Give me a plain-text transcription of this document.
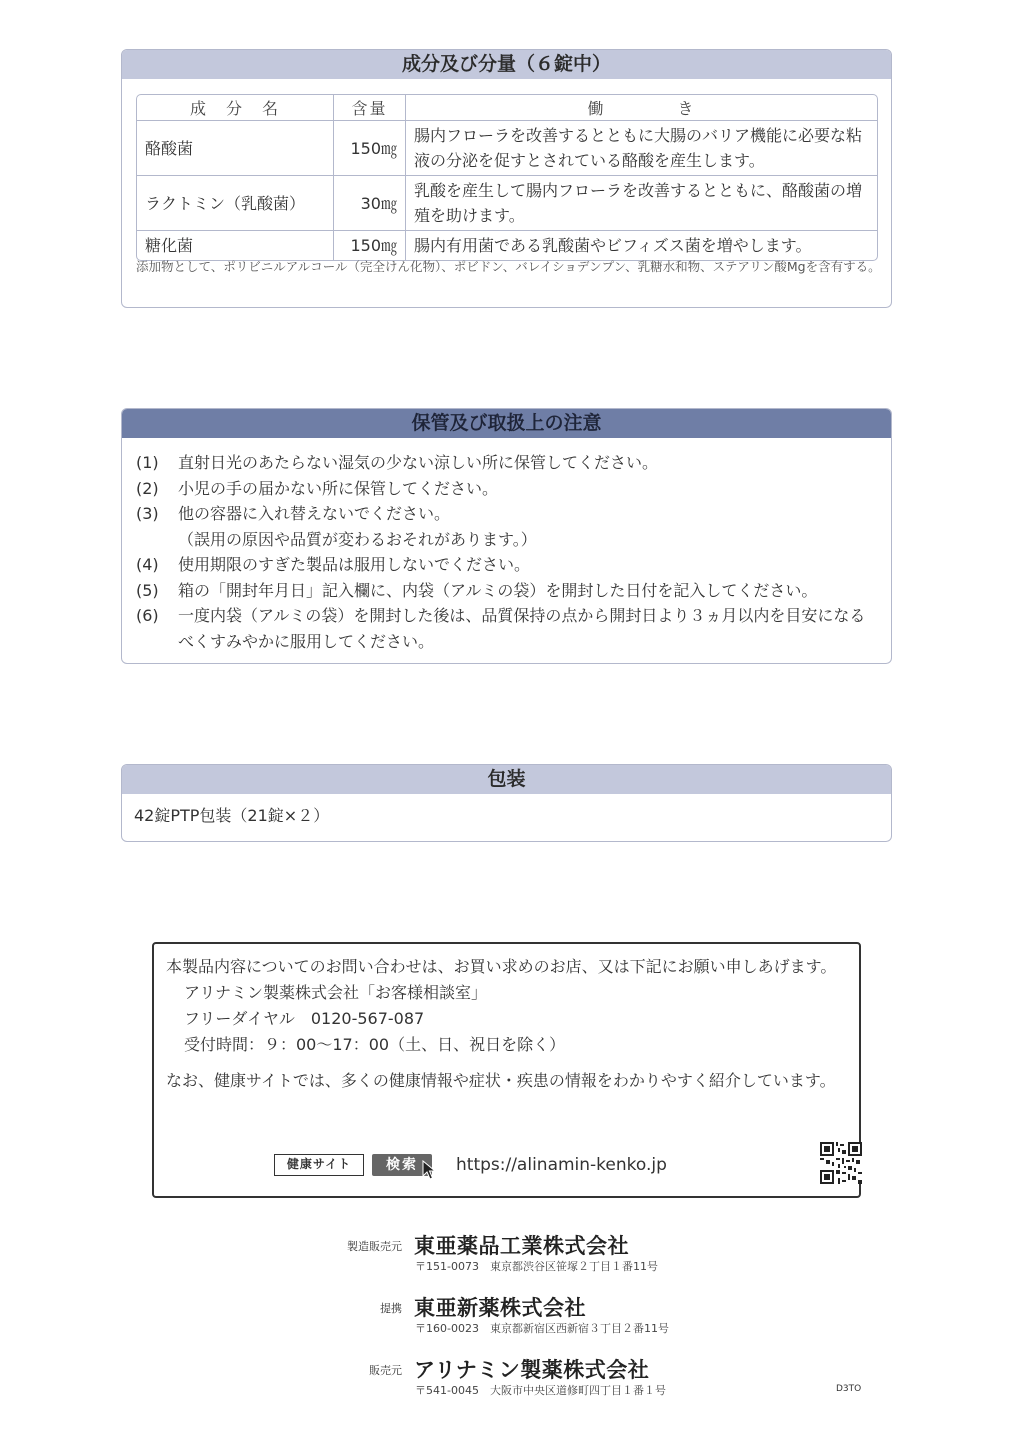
成分及び分量（６錠中）
成　分　名	含量	働　　　　き
酪酸菌	150㎎	腸内フローラを改善するとともに大腸のバリア機能に必要な粘液の分泌を促すとされている酪酸を産生します。
ラクトミン（乳酸菌）	30㎎	乳酸を産生して腸内フローラを改善するとともに、酪酸菌の増殖を助けます。
糖化菌	150㎎	腸内有用菌である乳酸菌やビフィズス菌を増やします。
添加物として、ポリビニルアルコール（完全けん化物）、ポビドン、バレイショデンプン、乳糖水和物、ステアリン酸Mgを含有する。
保管及び取扱上の注意
(1)	直射日光のあたらない湿気の少ない涼しい所に保管してください。
(2)	小児の手の届かない所に保管してください。
(3)	他の容器に入れ替えないでください。
（誤用の原因や品質が変わるおそれがあります。）
(4)	使用期限のすぎた製品は服用しないでください。
(5)	箱の「開封年月日」記入欄に、内袋（アルミの袋）を開封した日付を記入してください。
(6)	一度内袋（アルミの袋）を開封した後は、品質保持の点から開封日より３ヵ月以内を目安になるべくすみやかに服用してください。
包装
42錠PTP包装（21錠×２）
本製品内容についてのお問い合わせは、お買い求めのお店、又は下記にお願い申しあげます。
アリナミン製薬株式会社「お客様相談室」
フリーダイヤル　0120-567-087
受付時間：９：00〜17：00（土、日、祝日を除く）
なお、健康サイトでは、多くの健康情報や症状・疾患の情報をわかりやすく紹介しています。
健康サイト	検索	https://alinamin-kenko.jp
製造販売元 東亜薬品工業株式会社
〒151-0073　東京都渋谷区笹塚２丁目１番11号
提携 東亜新薬株式会社
〒160-0023　東京都新宿区西新宿３丁目２番11号
販売元 アリナミン製薬株式会社
〒541-0045　大阪市中央区道修町四丁目１番１号	D3TO
